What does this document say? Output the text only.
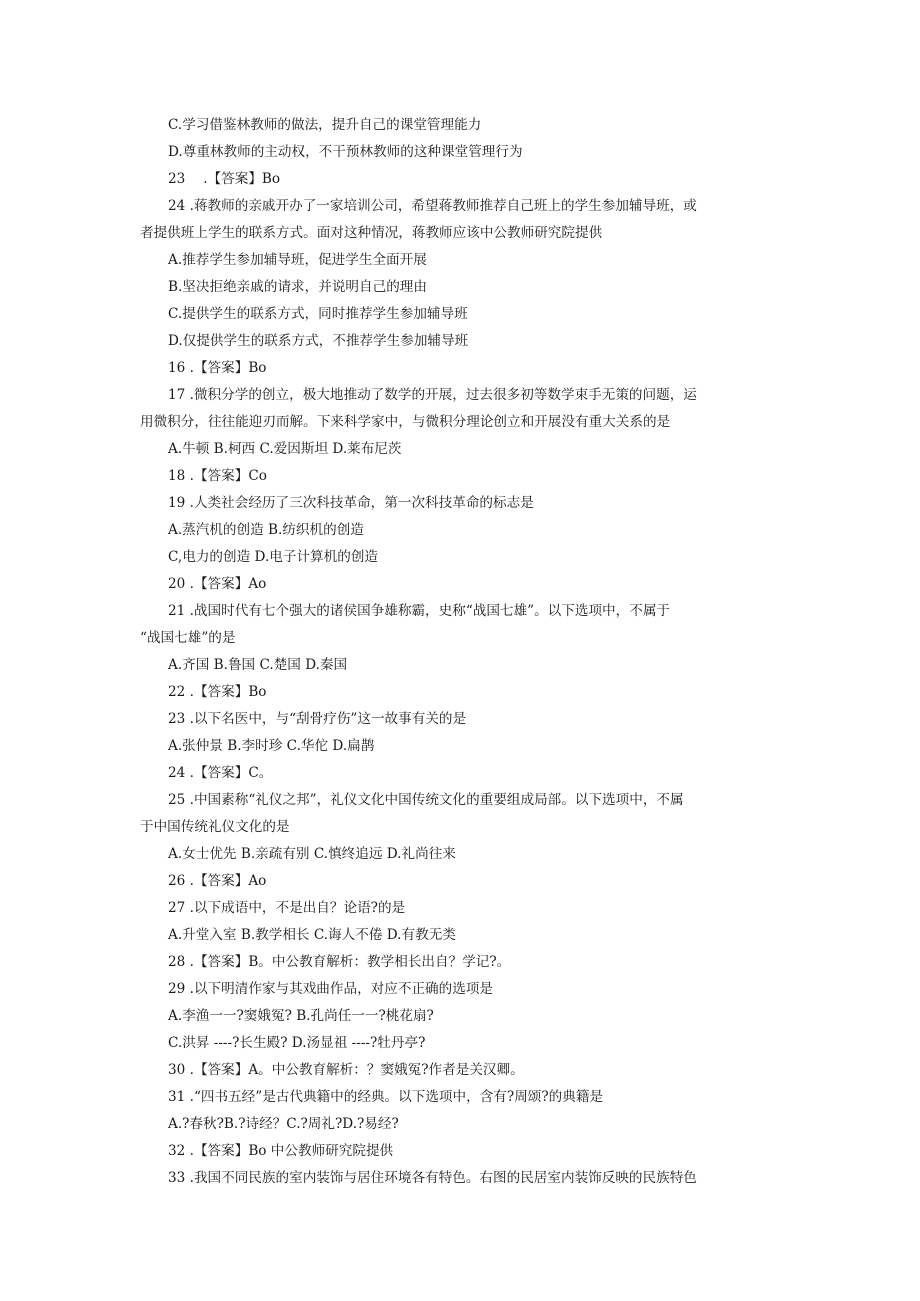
C.学习借鉴林教师的做法，提升自己的课堂管理能力
D.尊重林教师的主动权，不干预林教师的这种课堂管理行为
23　 .【答案】Bo
24 .蒋教师的亲戚开办了一家培训公司，希望蒋教师推荐自己班上的学生参加辅导班，或
者提供班上学生的联系方式。面对这种情况，蒋教师应该中公教师研究院提供
A.推荐学生参加辅导班，促进学生全面开展
B.坚决拒绝亲戚的请求，并说明自己的理由
C.提供学生的联系方式，同时推荐学生参加辅导班
D.仅提供学生的联系方式，不推荐学生参加辅导班
16 .【答案】Bo
17 .微积分学的创立，极大地推动了数学的开展，过去很多初等数学束手无策的问题，运
用微积分，往往能迎刃而解。下来科学家中，与微积分理论创立和开展没有重大关系的是
A.牛顿 B.柯西 C.爱因斯坦 D.莱布尼茨
18 .【答案】Co
19 .人类社会经历了三次科技革命，第一次科技革命的标志是
A.蒸汽机的创造 B.纺织机的创造
C,电力的创造 D.电子计算机的创造
20 .【答案】Ao
21 .战国时代有七个强大的诸侯国争雄称霸，史称“战国七雄”。以下选项中，不属于
“战国七雄”的是
A.齐国 B.鲁国 C.楚国 D.秦国
22 .【答案】Bo
23 .以下名医中，与“刮骨疗伤”这一故事有关的是
A.张仲景 B.李时珍 C.华佗 D.扁鹊
24 .【答案】C。
25 .中国素称“礼仪之邦”，礼仪文化中国传统文化的重要组成局部。以下选项中，不属
于中国传统礼仪文化的是
A.女士优先 B.亲疏有别 C.慎终追远 D.礼尚往来
26 .【答案】Ao
27 .以下成语中，不是出自？论语?的是
A.升堂入室 B.教学相长 C.诲人不倦 D.有教无类
28 .【答案】B。中公教育解析：教学相长出自？学记?。
29 .以下明清作家与其戏曲作品，对应不正确的选项是
A.李渔一一?窦娥冤? B.孔尚任一一?桃花扇?
C.洪昇 ----?长生殿? D.汤显祖 ----?牡丹亭?
30 .【答案】A。中公教育解析：？窦娥冤?作者是关汉卿。
31 .“四书五经”是古代典籍中的经典。以下选项中，含有?周颂?的典籍是
A.?春秋?B.?诗经？C.?周礼?D.?易经?
32 .【答案】Bo 中公教师研究院提供
33 .我国不同民族的室内装饰与居住环境各有特色。右图的民居室内装饰反映的民族特色
